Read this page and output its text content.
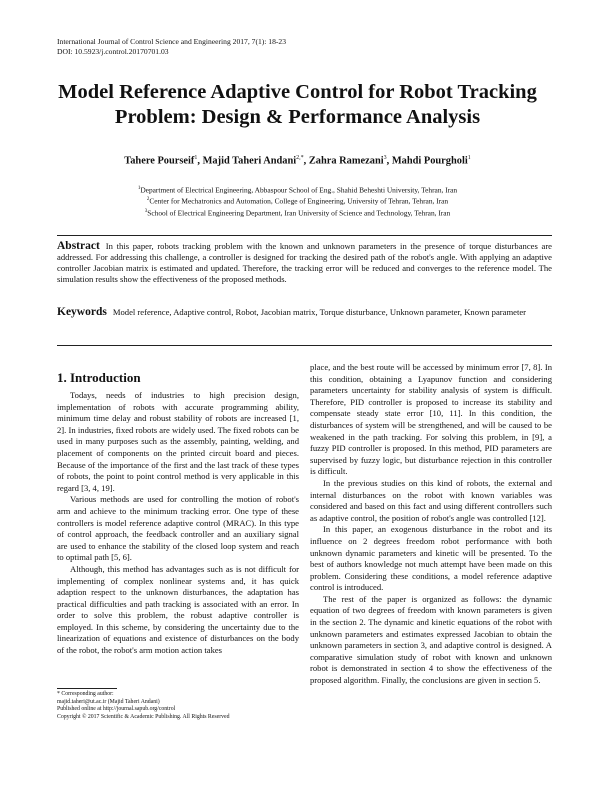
International Journal of Control Science and Engineering 2017, 7(1): 18-23
DOI: 10.5923/j.control.20170701.03
Model Reference Adaptive Control for Robot Tracking
Problem: Design & Performance Analysis
Tahere Pourseif$^1$, Majid Taheri Andani$^{2,*}$, Zahra Ramezani$^3$, Mahdi Pourgholi$^1$
$^1$Department of Electrical Engineering, Abbaspour School of Eng., Shahid Beheshti University, Tehran, Iran
$^2$Center for Mechatronics and Automation, College of Engineering, University of Tehran, Tehran, Iran
$^3$School of Electrical Engineering Department, Iran University of Science and Technology, Tehran, Iran
Abstract In this paper, robots tracking problem with the known and unknown parameters in the presence of torque disturbances are addressed. For addressing this challenge, a controller is designed for tracking the desired path of the robot's angle. With applying an adaptive controller Jacobian matrix is estimated and updated. Therefore, the tracking error will be reduced and converges to the reference model. The simulation results show the effectiveness of the proposed methods.
Keywords Model reference, Adaptive control, Robot, Jacobian matrix, Torque disturbance, Unknown parameter, Known parameter
1. Introduction

Todays, needs of industries to high precision design, implementation of robots with accurate programming ability, minimum time delay and robust stability of robots are increased [1, 2]. In industries, fixed robots are widely used. The fixed robots can be used in many purposes such as the assembly, painting, welding, and placement of components on the printed circuit board and pieces. Because of the importance of the first and the last track of these types of robots, the point to point control method is very applicable in this regard [3, 4, 19].

Various methods are used for controlling the motion of robot's arm and achieve to the minimum tracking error. One type of these controllers is model reference adaptive control (MRAC). In this type of control approach, the feedback controller and an auxiliary signal are used to enhance the stability of the closed loop system and reach to optimal path [5, 6].

Although, this method has advantages such as is not difficult for implementing of complex nonlinear systems and, it has quick adaption respect to the unknown disturbances, the adaptation has practical difficulties and path tracking is associated with an error. In order to solve this problem, the robust adaptive controller is employed. In this scheme, by considering the uncertainty due to the linearization of equations and existence of disturbances on the body of the robot, the robot's arm motion action takes

place, and the best route will be accessed by minimum error [7, 8]. In this condition, obtaining a Lyapunov function and considering parameters uncertainty for stability analysis of system is difficult. Therefore, PID controller is proposed to increase its stability and compensate steady state error [10, 11]. In this condition, the disturbances of system will be strengthened, and will be caused to be weakened in the path tracking. For solving this problem, in [9], a fuzzy PID controller is proposed. In this method, PID parameters are supervised by fuzzy logic, but disturbance rejection in this controller is difficult.

In the previous studies on this kind of robots, the external and internal disturbances on the robot with known variables was considered and based on this fact and using different controllers such as adaptive control, the position of robot's angle was controlled [12].

In this paper, an exogenous disturbance in the robot and its influence on 2 degrees freedom robot performance with both unknown dynamic parameters and kinetic will be presented. To the best of authors knowledge not much attempt have been made on this problem. Considering these conditions, a model reference adaptive control is introduced.

The rest of the paper is organized as follows: the dynamic equation of two degrees of freedom with known parameters is given in the section 2. The dynamic and kinetic equations of the robot with unknown parameters and estimates expressed Jacobian to obtain the unknown parameters in section 3, and adaptive control is designed. A comparative simulation study of robot with known and unknown robot is demonstrated in section 4 to show the effectiveness of the proposed algorithm. Finally, the conclusions are given in section 5.

* Corresponding author:
majid.taheri@ut.ac.ir (Majid Taheri Andani)
Published online at http://journal.sapub.org/control
Copyright © 2017 Scientific & Academic Publishing. All Rights Reserved
